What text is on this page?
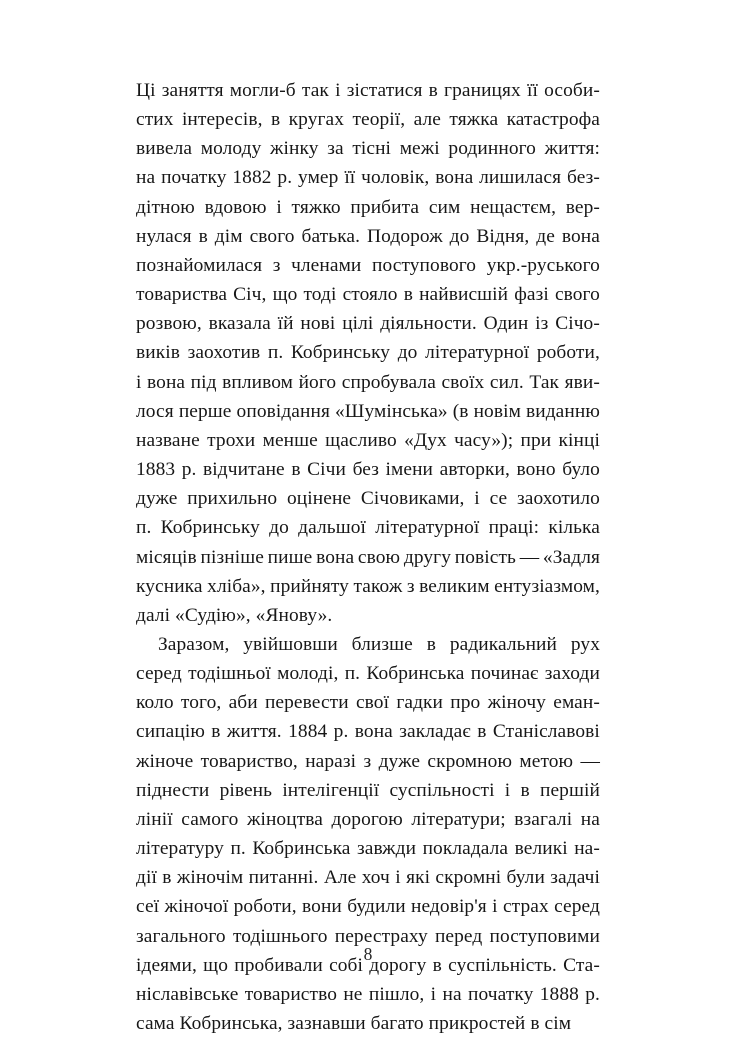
Ці заняття могли-б так і зістатися в границях її особи-
стих інтересів, в кругах теорії, але тяжка катастрофа
вивела молоду жінку за тісні межі родинного життя:
на початку 1882 р. умер її чоловік, вона лишилася без-
дітною вдовою і тяжко прибита сим нещастєм, вер-
нулася в дім свого батька. Подорож до Відня, де вона
познайомилася з членами поступового укр.-руського
товариства Січ, що тоді стояло в найвисшій фазі свого
розвою, вказала їй нові цілі діяльности. Один із Січо-
виків заохотив п. Кобринську до літературної роботи,
і вона під впливом його спробувала своїх сил. Так яви-
лося перше оповідання «Шумінська» (в новім виданню
назване трохи менше щасливо «Дух часу»); при кінці
1883 р. відчитане в Січи без імени авторки, воно було
дуже прихильно оцінене Січовиками, і се заохотило
п. Кобринську до дальшої літературної праці: кілька
місяців пізніше пише вона свою другу повість — «Задля
кусника хліба», прийняту також з великим ентузіазмом,
далі «Судію», «Янову».

Заразом, увійшовши близше в радикальний рух
серед тодішньої молоді, п. Кобринська починає заходи
коло того, аби перевести свої гадки про жіночу еман-
сипацію в життя. 1884 р. вона закладає в Станіславові
жіноче товариство, наразі з дуже скромною метою —
піднести рівень інтелігенції суспільності і в першій
лінії самого жіноцтва дорогою літератури; взагалі на
літературу п. Кобринська завжди покладала великі на-
дії в жіночім питанні. Але хоч і які скромні були задачі
сеї жіночої роботи, вони будили недовір'я і страх серед
загального тодішнього перестраху перед поступовими
ідеями, що пробивали собі дорогу в суспільність. Ста-
ніславівське товариство не пішло, і на початку 1888 р.
сама Кобринська, зазнавши багато прикростей в сім

8
